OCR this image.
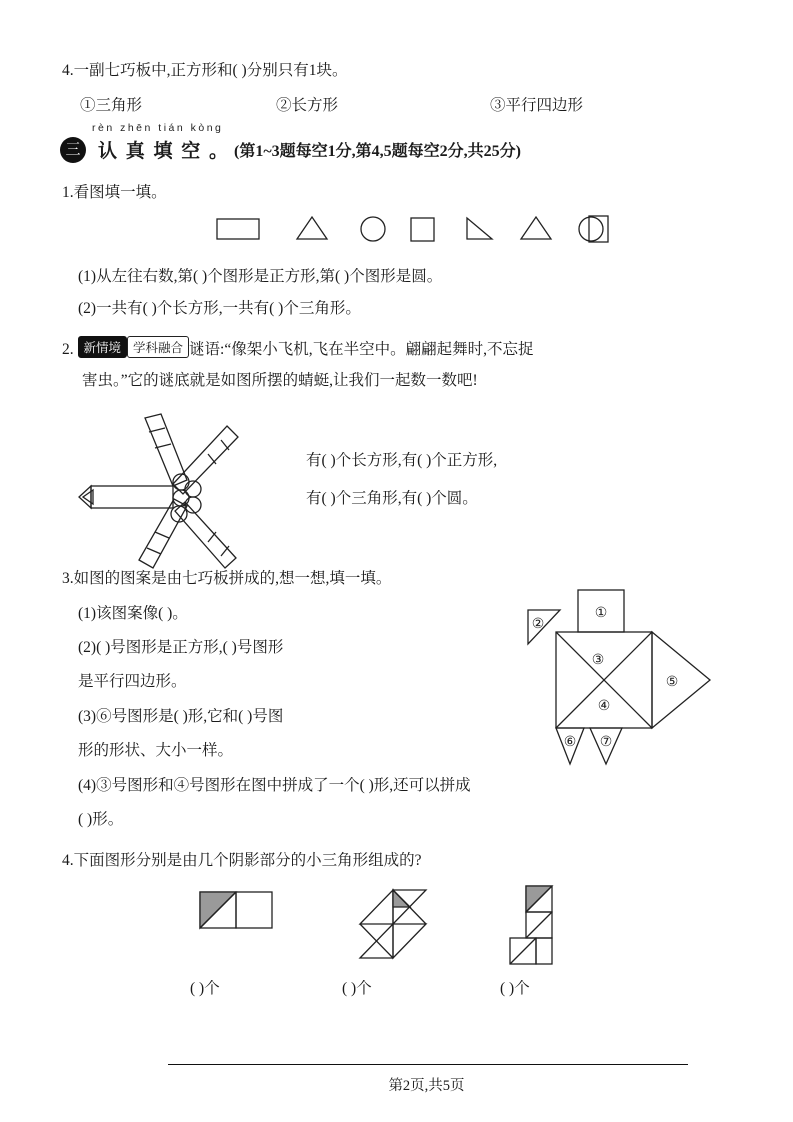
4.一副七巧板中,正方形和( )分别只有1块。
①三角形	②长方形	③平行四边形
rèn zhēn tián kòng
三 认 真 填 空 。 (第1~3题每空1分,第4,5题每空2分,共25分)
1.看图填一填。
(1)从左往右数,第( )个图形是正方形,第( )个图形是圆。
(2)一共有( )个长方形,一共有( )个三角形。
2. 新情境 学科融合 谜语:“像架小飞机,飞在半空中。翩翩起舞时,不忘捉
害虫。”它的谜底就是如图所摆的蜻蜓,让我们一起数一数吧!
有( )个长方形,有( )个正方形,
有( )个三角形,有( )个圆。
3.如图的图案是由七巧板拼成的,想一想,填一填。
(1)该图案像( )。
(2)( )号图形是正方形,( )号图形
是平行四边形。
(3)⑥号图形是( )形,它和( )号图
形的形状、大小一样。
(4)③号图形和④号图形在图中拼成了一个( )形,还可以拼成
( )形。
①
②
③
④
⑤
⑥ ⑦
4.下面图形分别是由几个阴影部分的小三角形组成的?
( )个	( )个	( )个
第2页,共5页
